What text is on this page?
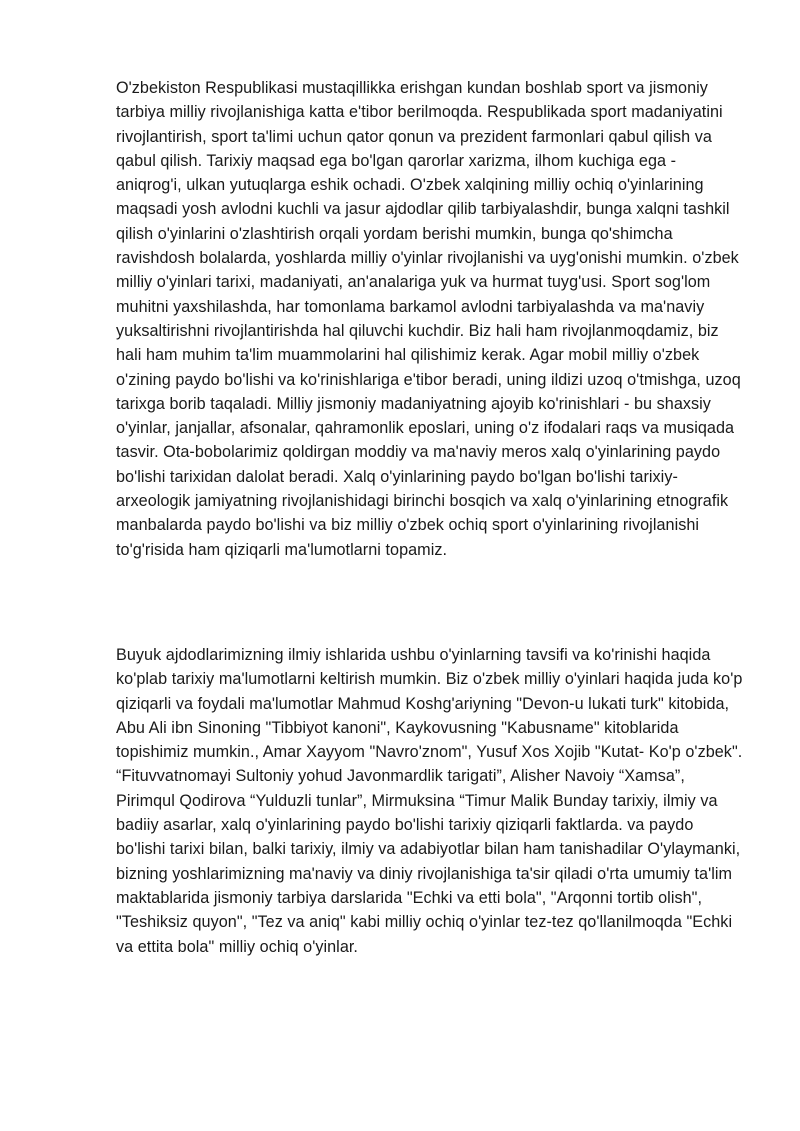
O'zbekiston Respublikasi mustaqillikka erishgan kundan boshlab sport va jismoniy tarbiya milliy rivojlanishiga katta e'tibor berilmoqda. Respublikada sport madaniyatini rivojlantirish, sport ta'limi uchun qator qonun va prezident farmonlari qabul qilish va qabul qilish. Tarixiy maqsad ega bo'lgan qarorlar xarizma, ilhom kuchiga ega - aniqrog'i, ulkan yutuqlarga eshik ochadi. O'zbek xalqining milliy ochiq o'yinlarining maqsadi yosh avlodni kuchli va jasur ajdodlar qilib tarbiyalashdir, bunga xalqni tashkil qilish o'yinlarini o'zlashtirish orqali yordam berishi mumkin, bunga qo'shimcha ravishdosh bolalarda, yoshlarda milliy o'yinlar rivojlanishi va uyg'onishi mumkin. o'zbek milliy o'yinlari tarixi, madaniyati, an'analariga yuk va hurmat tuyg'usi. Sport sog'lom muhitni yaxshilashda, har tomonlama barkamol avlodni tarbiyalashda va ma'naviy yuksaltirishni rivojlantirishda hal qiluvchi kuchdir. Biz hali ham rivojlanmoqdamiz, biz hali ham muhim ta'lim muammolarini hal qilishimiz kerak. Agar mobil milliy o'zbek o'zining paydo bo'lishi va ko'rinishlariga e'tibor beradi, uning ildizi uzoq o'tmishga, uzoq tarixga borib taqaladi. Milliy jismoniy madaniyatning ajoyib ko'rinishlari - bu shaxsiy o'yinlar, janjallar, afsonalar, qahramonlik eposlari, uning o'z ifodalari raqs va musiqada tasvir. Ota-bobolarimiz qoldirgan moddiy va ma'naviy meros xalq o'yinlarining paydo bo'lishi tarixidan dalolat beradi. Xalq o'yinlarining paydo bo'lgan bo'lishi tarixiy-arxeologik jamiyatning rivojlanishidagi birinchi bosqich va xalq o'yinlarining etnografik manbalarda paydo bo'lishi va biz milliy o'zbek ochiq sport o'yinlarining rivojlanishi to'g'risida ham qiziqarli ma'lumotlarni topamiz.

Buyuk ajdodlarimizning ilmiy ishlarida ushbu o'yinlarning tavsifi va ko'rinishi haqida ko'plab tarixiy ma'lumotlarni keltirish mumkin. Biz o'zbek milliy o'yinlari haqida juda ko'p qiziqarli va foydali ma'lumotlar Mahmud Koshg'ariyning "Devon-u lukati turk" kitobida, Abu Ali ibn Sinoning "Tibbiyot kanoni", Kaykovusning "Kabusname" kitoblarida topishimiz mumkin., Amar Xayyom "Navro'znom", Yusuf Xos Xojib "Kutat- Ko'p o'zbek". “Fituvvatnomayi Sultoniy yohud Javonmardlik tarigati”, Alisher Navoiy “Xamsa”, Pirimqul Qodirova “Yulduzli tunlar”, Mirmuksina “Timur Malik Bunday tarixiy, ilmiy va badiiy asarlar, xalq o'yinlarining paydo bo'lishi tarixiy qiziqarli faktlarda. va paydo bo'lishi tarixi bilan, balki tarixiy, ilmiy va adabiyotlar bilan ham tanishadilar O'ylaymanki, bizning yoshlarimizning ma'naviy va diniy rivojlanishiga ta'sir qiladi o'rta umumiy ta'lim maktablarida jismoniy tarbiya darslarida "Echki va etti bola", "Arqonni tortib olish", "Teshiksiz quyon", "Tez va aniq" kabi milliy ochiq o'yinlar tez-tez qo'llanilmoqda "Echki va ettita bola" milliy ochiq o'yinlar.
